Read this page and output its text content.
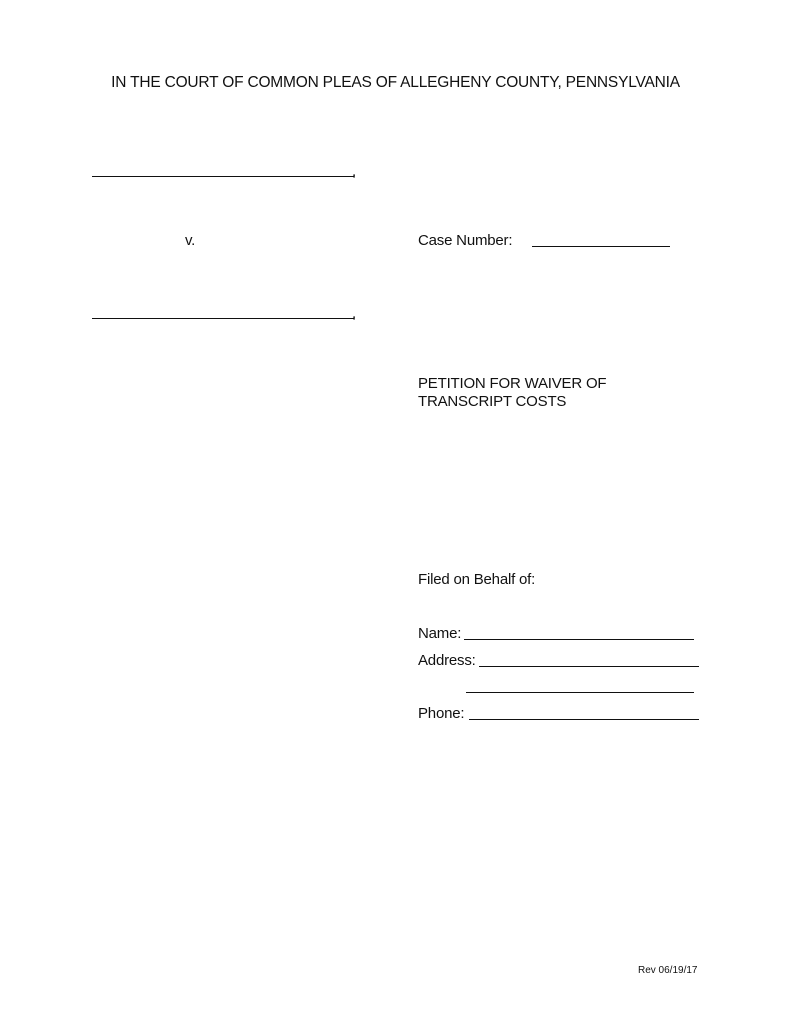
IN THE COURT OF COMMON PLEAS OF ALLEGHENY COUNTY, PENNSYLVANIA
,
v.	Case Number:
,
PETITION FOR WAIVER OF
TRANSCRIPT COSTS
Filed on Behalf of:
Name:
Address:
Phone:
Rev 06/19/17
